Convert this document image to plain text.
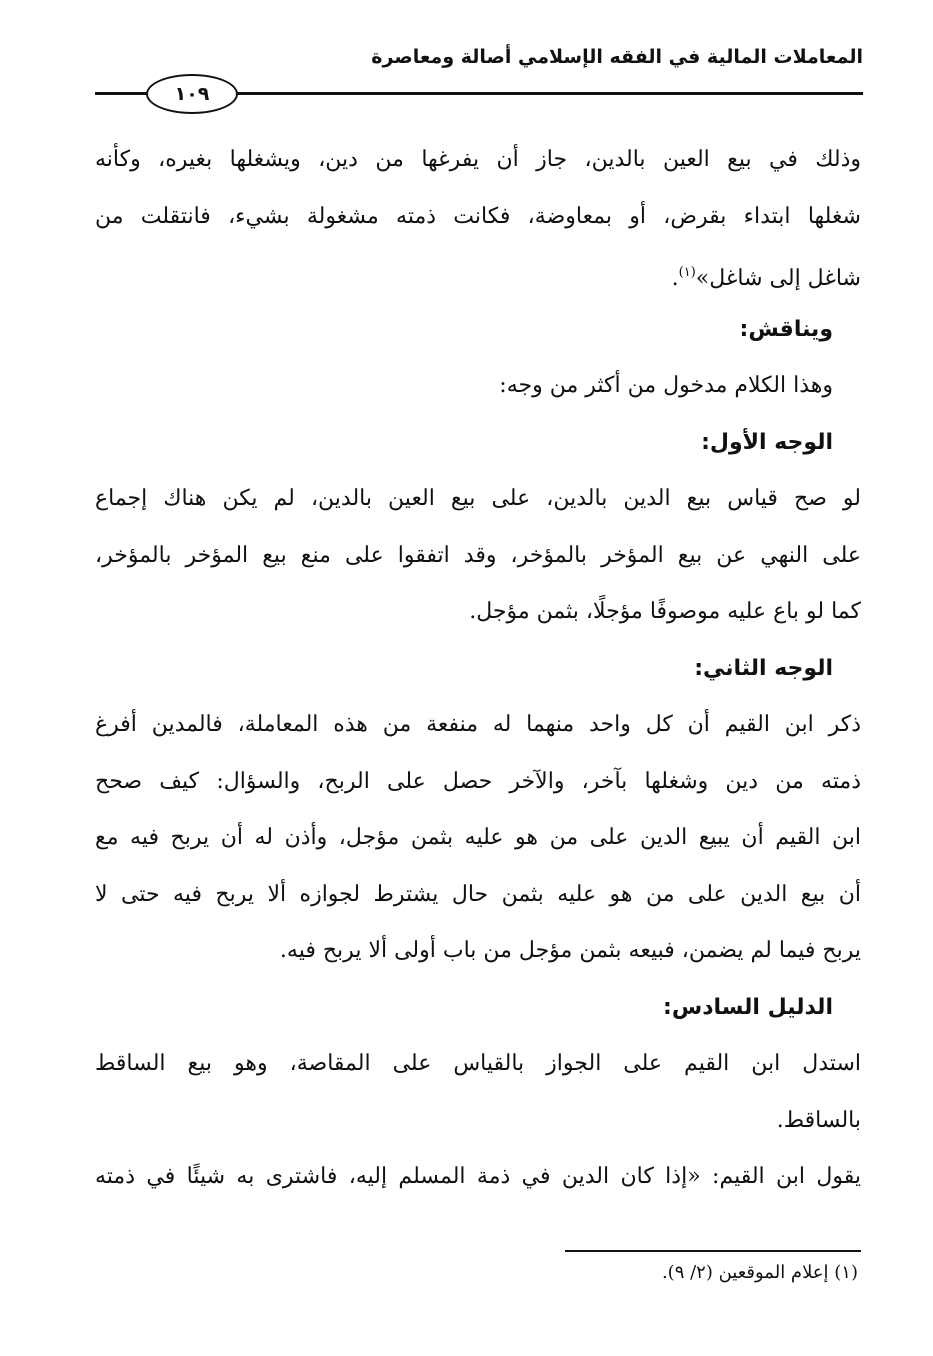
المعاملات المالية في الفقه الإسلامي أصالة ومعاصرة
١٠٩
وذلك في بيع العين بالدين، جاز أن يفرغها من دين، ويشغلها بغيره، وكأنه
شغلها ابتداء بقرض، أو بمعاوضة، فكانت ذمته مشغولة بشيء، فانتقلت من
شاغل إلى شاغل»$^{(١)}$.
ويناقش:
وهذا الكلام مدخول من أكثر من وجه:
الوجه الأول:
لو صح قياس بيع الدين بالدين، على بيع العين بالدين، لم يكن هناك إجماع
على النهي عن بيع المؤخر بالمؤخر، وقد اتفقوا على منع بيع المؤخر بالمؤخر،
كما لو باع عليه موصوفًا مؤجلًا، بثمن مؤجل.
الوجه الثاني:
ذكر ابن القيم أن كل واحد منهما له منفعة من هذه المعاملة، فالمدين أفرغ
ذمته من دين وشغلها بآخر، والآخر حصل على الربح، والسؤال: كيف صحح
ابن القيم أن يبيع الدين على من هو عليه بثمن مؤجل، وأذن له أن يربح فيه مع
أن بيع الدين على من هو عليه بثمن حال يشترط لجوازه ألا يربح فيه حتى لا
يربح فيما لم يضمن، فبيعه بثمن مؤجل من باب أولى ألا يربح فيه.
الدليل السادس:
استدل ابن القيم على الجواز بالقياس على المقاصة، وهو بيع الساقط
بالساقط.
يقول ابن القيم: «إذا كان الدين في ذمة المسلم إليه، فاشترى به شيئًا في ذمته
(١) إعلام الموقعين (٢/ ٩).
